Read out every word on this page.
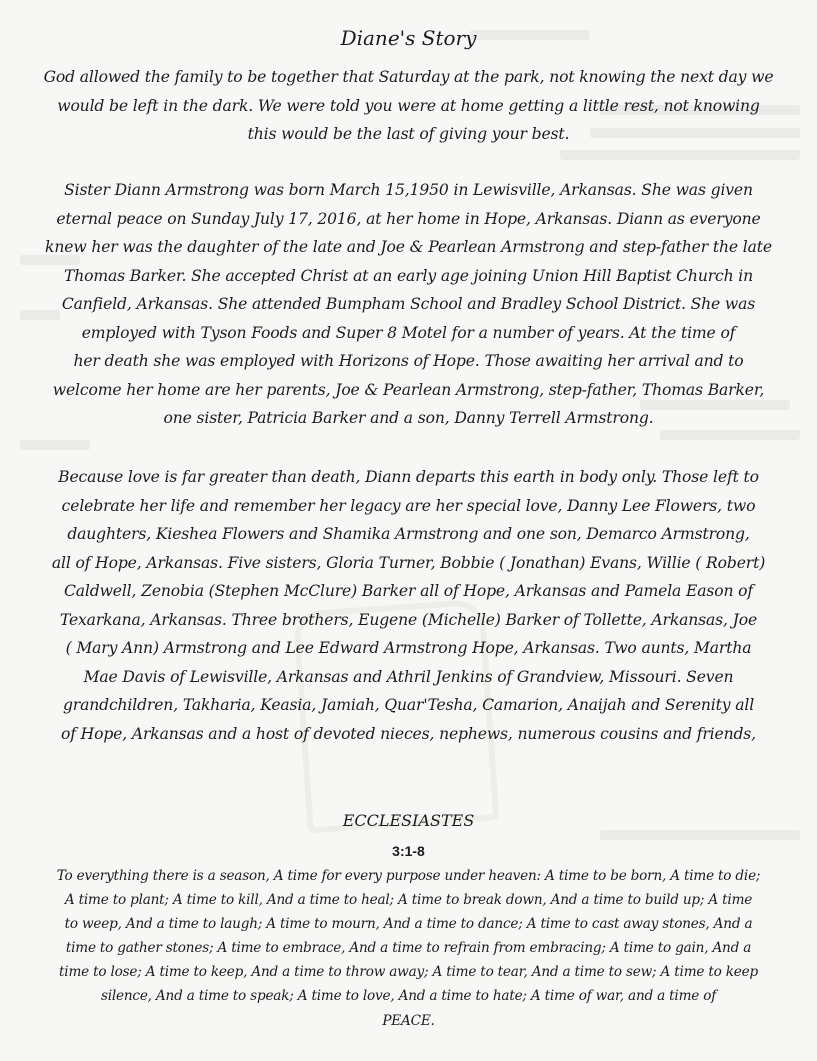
Diane's Story
God allowed the family to be together that Saturday at the park, not knowing the next day we
would be left in the dark. We were told you were at home getting a little rest, not knowing
this would be the last of giving your best.
Sister Diann Armstrong was born March 15,1950 in Lewisville, Arkansas. She was given
eternal peace on Sunday July 17, 2016, at her home in Hope, Arkansas. Diann as everyone
knew her was the daughter of the late and Joe & Pearlean Armstrong and step-father the late
Thomas Barker. She accepted Christ at an early age joining Union Hill Baptist Church in
Canfield, Arkansas. She attended Bumpham School and Bradley School District. She was
employed with Tyson Foods and Super 8 Motel for a number of years. At the time of
her death she was employed with Horizons of Hope. Those awaiting her arrival and to
welcome her home are her parents, Joe & Pearlean Armstrong, step-father, Thomas Barker,
one sister, Patricia Barker and a son, Danny Terrell Armstrong.
Because love is far greater than death, Diann departs this earth in body only. Those left to
celebrate her life and remember her legacy are her special love, Danny Lee Flowers, two
daughters, Kieshea Flowers and Shamika Armstrong and one son, Demarco Armstrong,
all of Hope, Arkansas. Five sisters, Gloria Turner, Bobbie ( Jonathan) Evans, Willie ( Robert)
Caldwell, Zenobia (Stephen McClure) Barker all of Hope, Arkansas and Pamela Eason of
Texarkana, Arkansas. Three brothers, Eugene (Michelle) Barker of Tollette, Arkansas, Joe
( Mary Ann) Armstrong and Lee Edward Armstrong Hope, Arkansas. Two aunts, Martha
Mae Davis of Lewisville, Arkansas and Athril Jenkins of Grandview, Missouri. Seven
grandchildren, Takharia, Keasia, Jamiah, Quar'Tesha, Camarion, Anaijah and Serenity all
of Hope, Arkansas and a host of devoted nieces, nephews, numerous cousins and friends,
ECCLESIASTES
3:1-8
To everything there is a season, A time for every purpose under heaven: A time to be born, A time to die;
A time to plant; A time to kill, And a time to heal; A time to break down, And a time to build up; A time
to weep, And a time to laugh; A time to mourn, And a time to dance; A time to cast away stones, And a
time to gather stones; A time to embrace, And a time to refrain from embracing; A time to gain, And a
time to lose; A time to keep, And a time to throw away; A time to tear, And a time to sew; A time to keep
silence, And a time to speak; A time to love, And a time to hate; A time of war, and a time of
PEACE.
